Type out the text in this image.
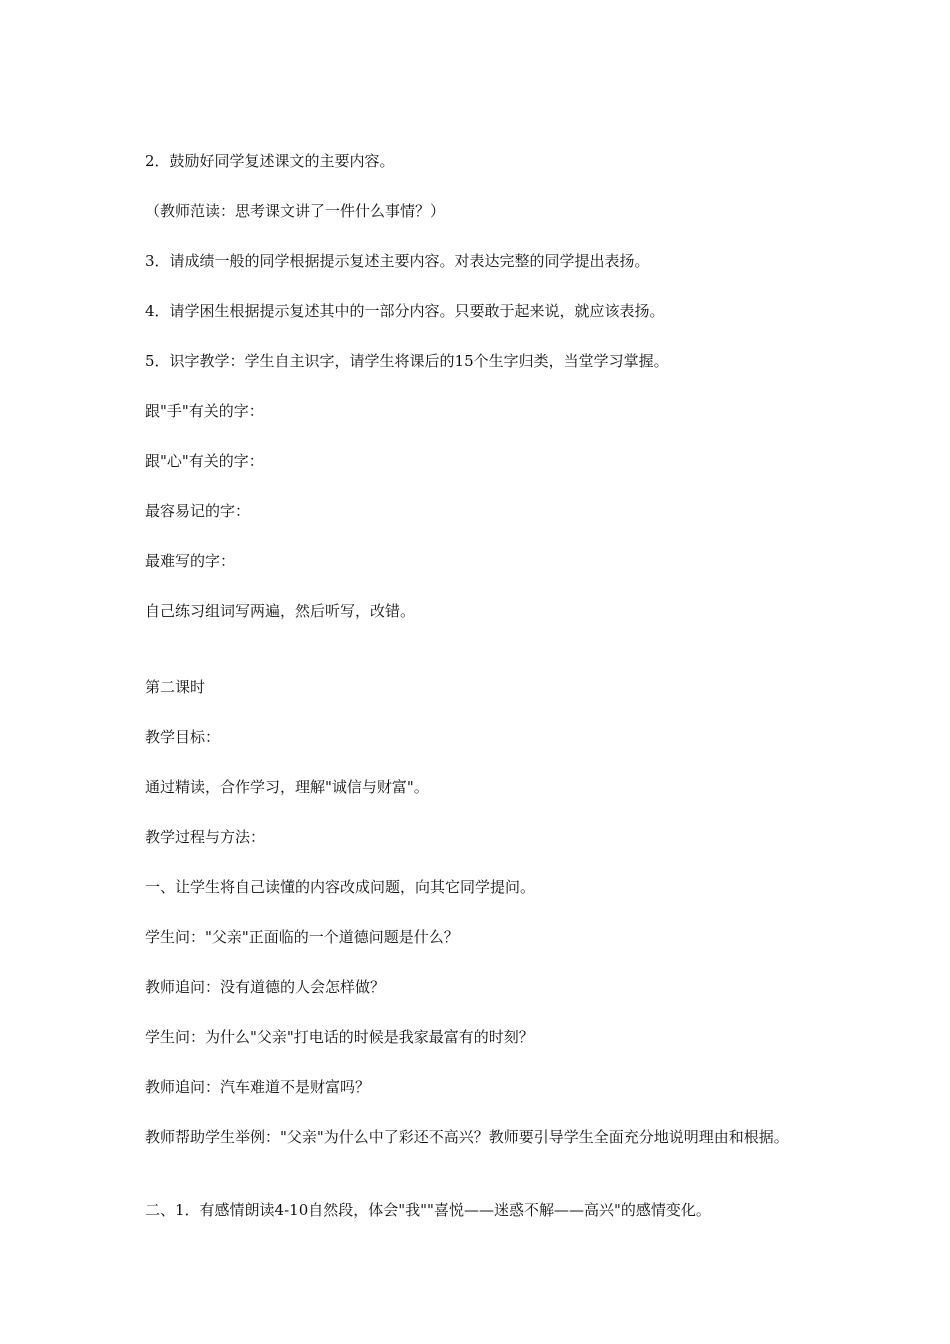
2．鼓励好同学复述课文的主要内容。

（教师范读：思考课文讲了一件什么事情？）

3．请成绩一般的同学根据提示复述主要内容。对表达完整的同学提出表扬。

4．请学困生根据提示复述其中的一部分内容。只要敢于起来说，就应该表扬。

5．识字教学：学生自主识字，请学生将课后的15个生字归类，当堂学习掌握。

跟"手"有关的字：

跟"心"有关的字：

最容易记的字：

最难写的字：

自己练习组词写两遍，然后听写，改错。

第二课时

教学目标：

通过精读，合作学习，理解"诚信与财富"。

教学过程与方法：

一、让学生将自己读懂的内容改成问题，向其它同学提问。

学生问："父亲"正面临的一个道德问题是什么？

教师追问：没有道德的人会怎样做？

学生问：为什么"父亲"打电话的时候是我家最富有的时刻？

教师追问：汽车难道不是财富吗？

教师帮助学生举例："父亲"为什么中了彩还不高兴？教师要引导学生全面充分地说明理由和根据。

二、1．有感情朗读4-10自然段，体会"我""喜悦——迷惑不解——高兴"的感情变化。
